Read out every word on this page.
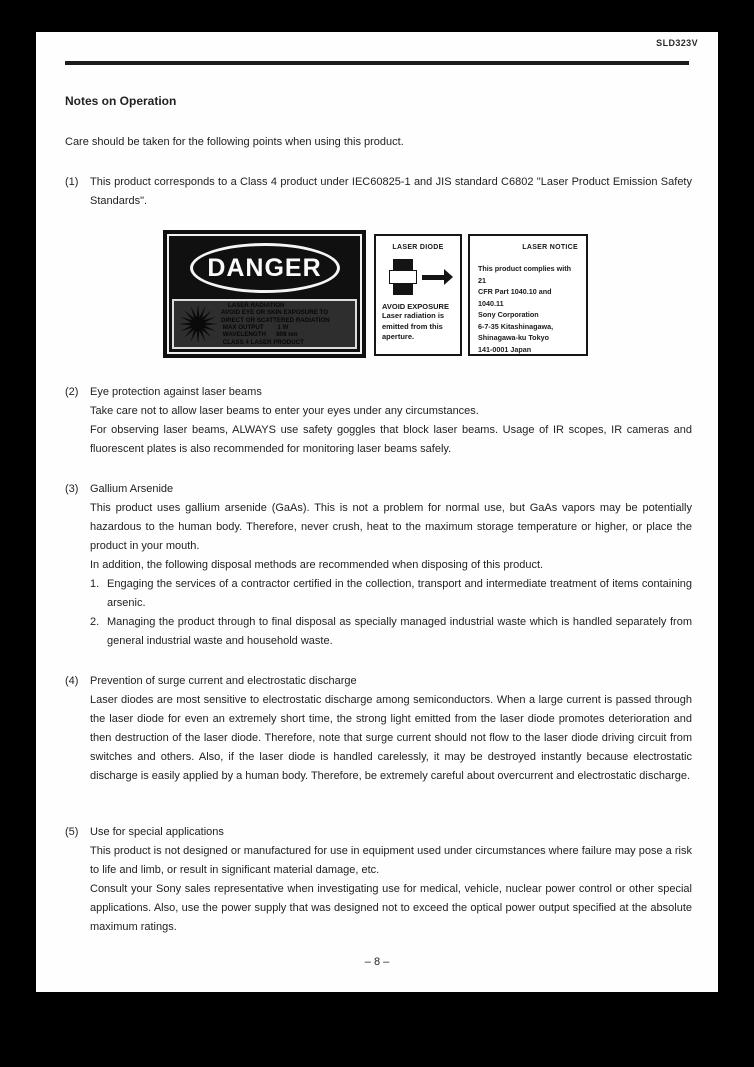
SLD323V
Notes on Operation
Care should be taken for the following points when using this product.
(1)	This product corresponds to a Class 4 product under IEC60825-1 and JIS standard C6802 "Laser Product Emission Safety Standards".
DANGER
LASER RADIATION
AVOID EYE OR SKIN EXPOSURE TO
DIRECT OR SCATTERED RADIATION
MAX OUTPUT        1 W
WAVELENGTH      808 nm
CLASS 4 LASER PRODUCT
LASER DIODE
AVOID EXPOSURE
Laser radiation is emitted from this aperture.
LASER NOTICE
This product complies with 21
CFR Part 1040.10 and 1040.11
Sony Corporation
6-7-35 Kitashinagawa,
Shinagawa-ku Tokyo
141-0001 Japan
(2)	Eye protection against laser beams
Take care not to allow laser beams to enter your eyes under any circumstances.
For observing laser beams, ALWAYS use safety goggles that block laser beams. Usage of IR scopes, IR cameras and fluorescent plates is also recommended for monitoring laser beams safely.
(3)	Gallium Arsenide
This product uses gallium arsenide (GaAs). This is not a problem for normal use, but GaAs vapors may be potentially hazardous to the human body. Therefore, never crush, heat to the maximum storage temperature or higher, or place the product in your mouth.
In addition, the following disposal methods are recommended when disposing of this product.
1. Engaging the services of a contractor certified in the collection, transport and intermediate treatment of items containing arsenic.
2. Managing the product through to final disposal as specially managed industrial waste which is handled separately from general industrial waste and household waste.
(4)	Prevention of surge current and electrostatic discharge
Laser diodes are most sensitive to electrostatic discharge among semiconductors. When a large current is passed through the laser diode for even an extremely short time, the strong light emitted from the laser diode promotes deterioration and then destruction of the laser diode. Therefore, note that surge current should not flow to the laser diode driving circuit from switches and others. Also, if the laser diode is handled carelessly, it may be destroyed instantly because electrostatic discharge is easily applied by a human body. Therefore, be extremely careful about overcurrent and electrostatic discharge.
(5)	Use for special applications
This product is not designed or manufactured for use in equipment used under circumstances where failure may pose a risk to life and limb, or result in significant material damage, etc.
Consult your Sony sales representative when investigating use for medical, vehicle, nuclear power control or other special applications. Also, use the power supply that was designed not to exceed the optical power output specified at the absolute maximum ratings.
– 8 –
